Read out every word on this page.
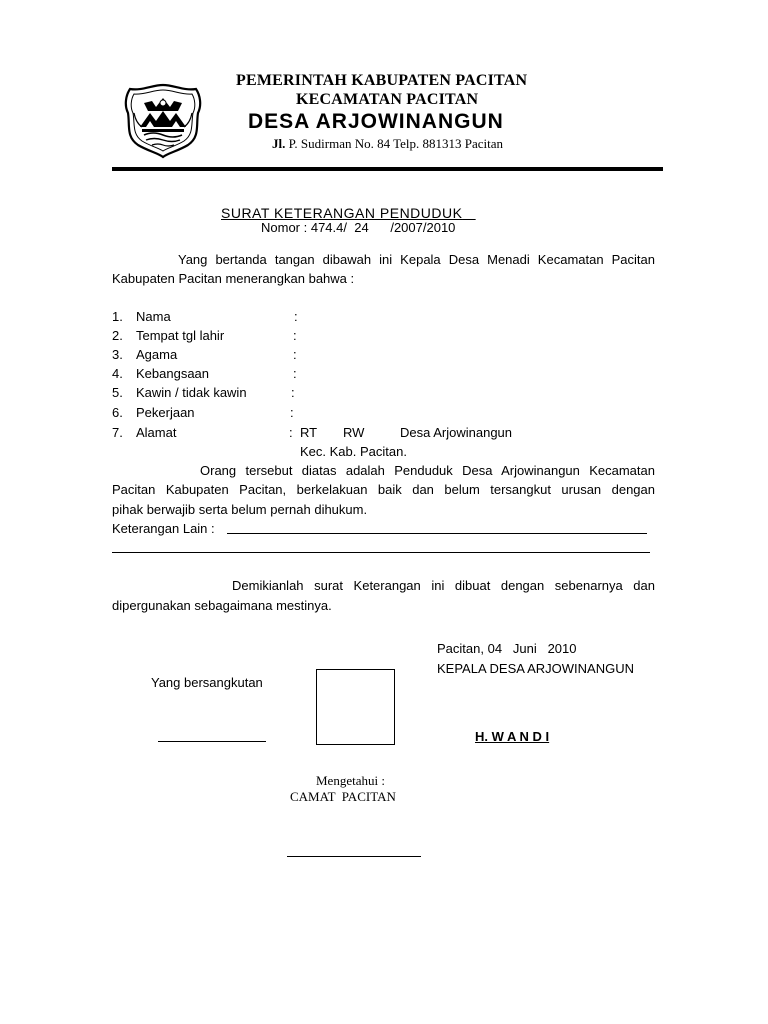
PEMERINTAH KABUPATEN PACITAN
KECAMATAN PACITAN
DESA ARJOWINANGUN
Jl. P. Sudirman No. 84 Telp. 881313 Pacitan
SURAT KETERANGAN PENDUDUK
Nomor : 474.4/  24      /2007/2010
Yang bertanda tangan dibawah ini Kepala Desa Menadi Kecamatan Pacitan
Kabupaten Pacitan menerangkan bahwa :
1. Nama	:
2. Tempat tgl lahir	:
3. Agama	:
4. Kebangsaan	:
5. Kawin / tidak kawin	:
6. Pekerjaan	:
7. Alamat	: RT RW	Desa Arjowinangun
Kec. Kab. Pacitan.
Orang tersebut diatas adalah Penduduk Desa Arjowinangun Kecamatan
Pacitan Kabupaten Pacitan, berkelakuan baik dan belum tersangkut urusan dengan
pihak berwajib serta belum pernah dihukum.
Keterangan Lain :
Demikianlah surat Keterangan ini dibuat dengan sebenarnya dan
dipergunakan sebagaimana mestinya.
Pacitan, 04   Juni   2010
KEPALA DESA ARJOWINANGUN
Yang bersangkutan
H. W A N D I
Mengetahui :
CAMAT  PACITAN
